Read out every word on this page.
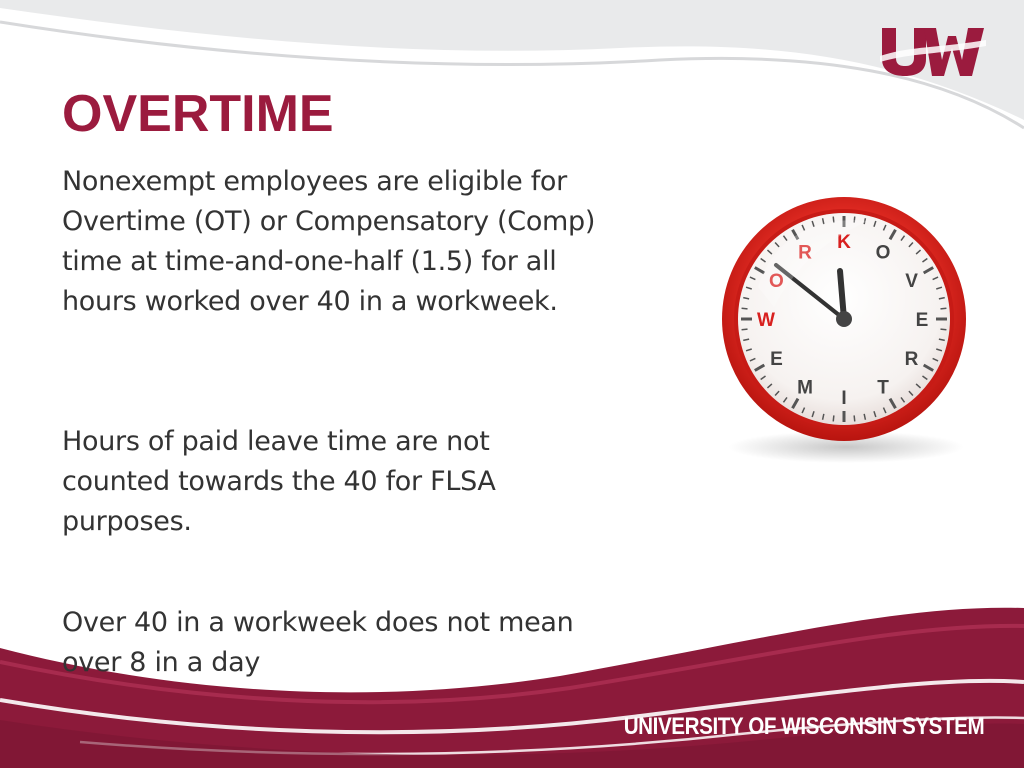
OVERTIME

Nonexempt employees are eligible for Overtime (OT) or Compensatory (Comp) time at time-and-one-half (1.5) for all hours worked over 40 in a workweek.

Hours of paid leave time are not counted towards the 40 for FLSA purposes.

Over 40 in a workweek does not mean over 8 in a day

K O
V
E
R
T
I
M
E
W
O
R

UNIVERSITY OF WISCONSIN SYSTEM
